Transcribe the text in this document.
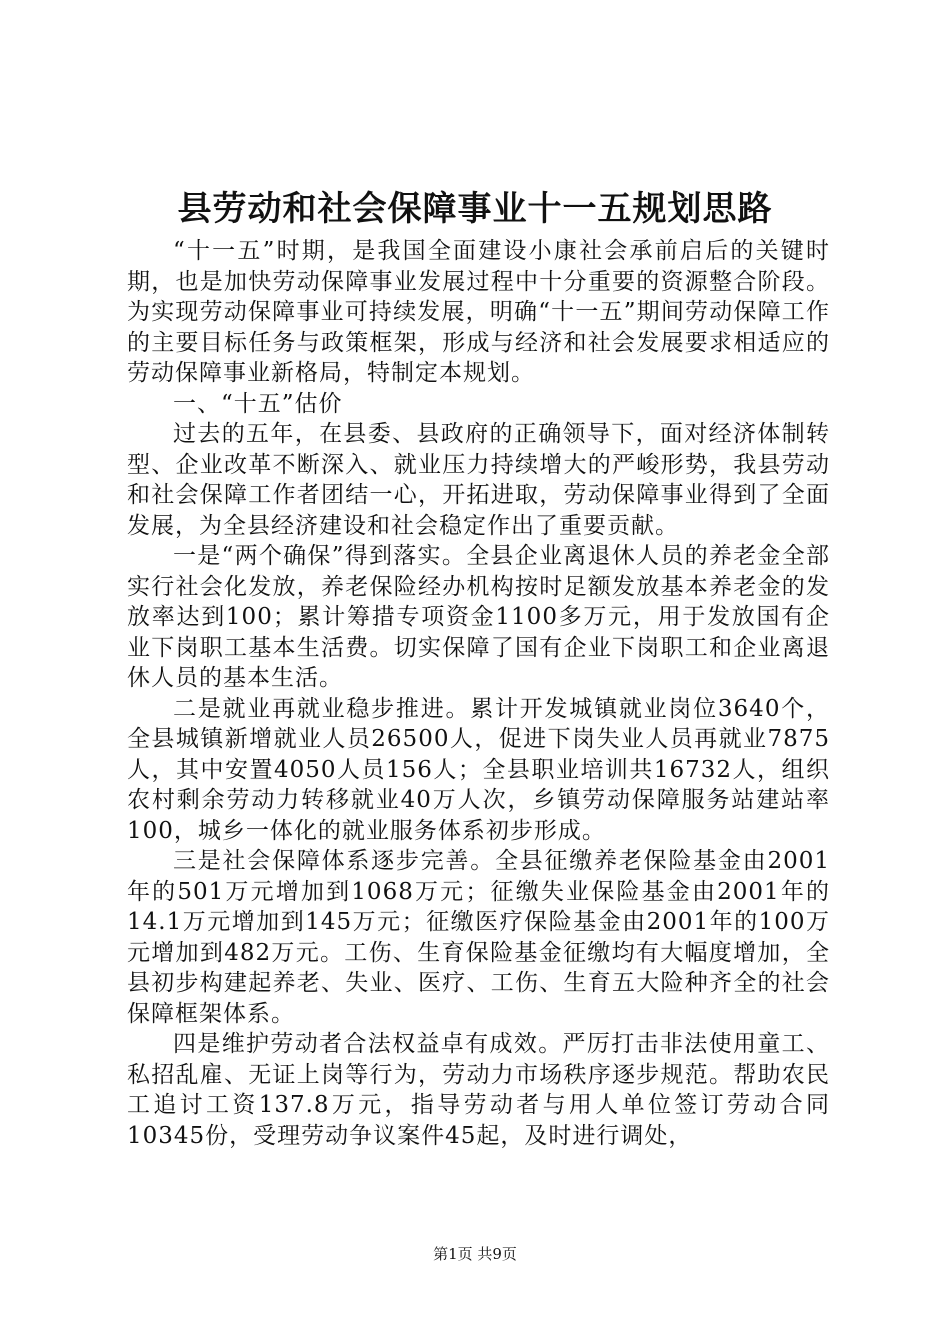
县劳动和社会保障事业十一五规划思路

“十一五”时期，是我国全面建设小康社会承前启后的关键时期，也是加快劳动保障事业发展过程中十分重要的资源整合阶段。为实现劳动保障事业可持续发展，明确“十一五”期间劳动保障工作的主要目标任务与政策框架，形成与经济和社会发展要求相适应的劳动保障事业新格局，特制定本规划。

一、“十五”估价

过去的五年，在县委、县政府的正确领导下，面对经济体制转型、企业改革不断深入、就业压力持续增大的严峻形势，我县劳动和社会保障工作者团结一心，开拓进取，劳动保障事业得到了全面发展，为全县经济建设和社会稳定作出了重要贡献。

一是“两个确保”得到落实。全县企业离退休人员的养老金全部实行社会化发放，养老保险经办机构按时足额发放基本养老金的发放率达到100；累计筹措专项资金1100多万元，用于发放国有企业下岗职工基本生活费。切实保障了国有企业下岗职工和企业离退休人员的基本生活。

二是就业再就业稳步推进。累计开发城镇就业岗位3640个，全县城镇新增就业人员26500人，促进下岗失业人员再就业7875人，其中安置4050人员156人；全县职业培训共16732人，组织农村剩余劳动力转移就业40万人次，乡镇劳动保障服务站建站率100，城乡一体化的就业服务体系初步形成。

三是社会保障体系逐步完善。全县征缴养老保险基金由2001年的501万元增加到1068万元；征缴失业保险基金由2001年的14.1万元增加到145万元；征缴医疗保险基金由2001年的100万元增加到482万元。工伤、生育保险基金征缴均有大幅度增加，全县初步构建起养老、失业、医疗、工伤、生育五大险种齐全的社会保障框架体系。

四是维护劳动者合法权益卓有成效。严厉打击非法使用童工、私招乱雇、无证上岗等行为，劳动力市场秩序逐步规范。帮助农民工追讨工资137.8万元，指导劳动者与用人单位签订劳动合同10345份，受理劳动争议案件45起，及时进行调处，

第1页 共9页
